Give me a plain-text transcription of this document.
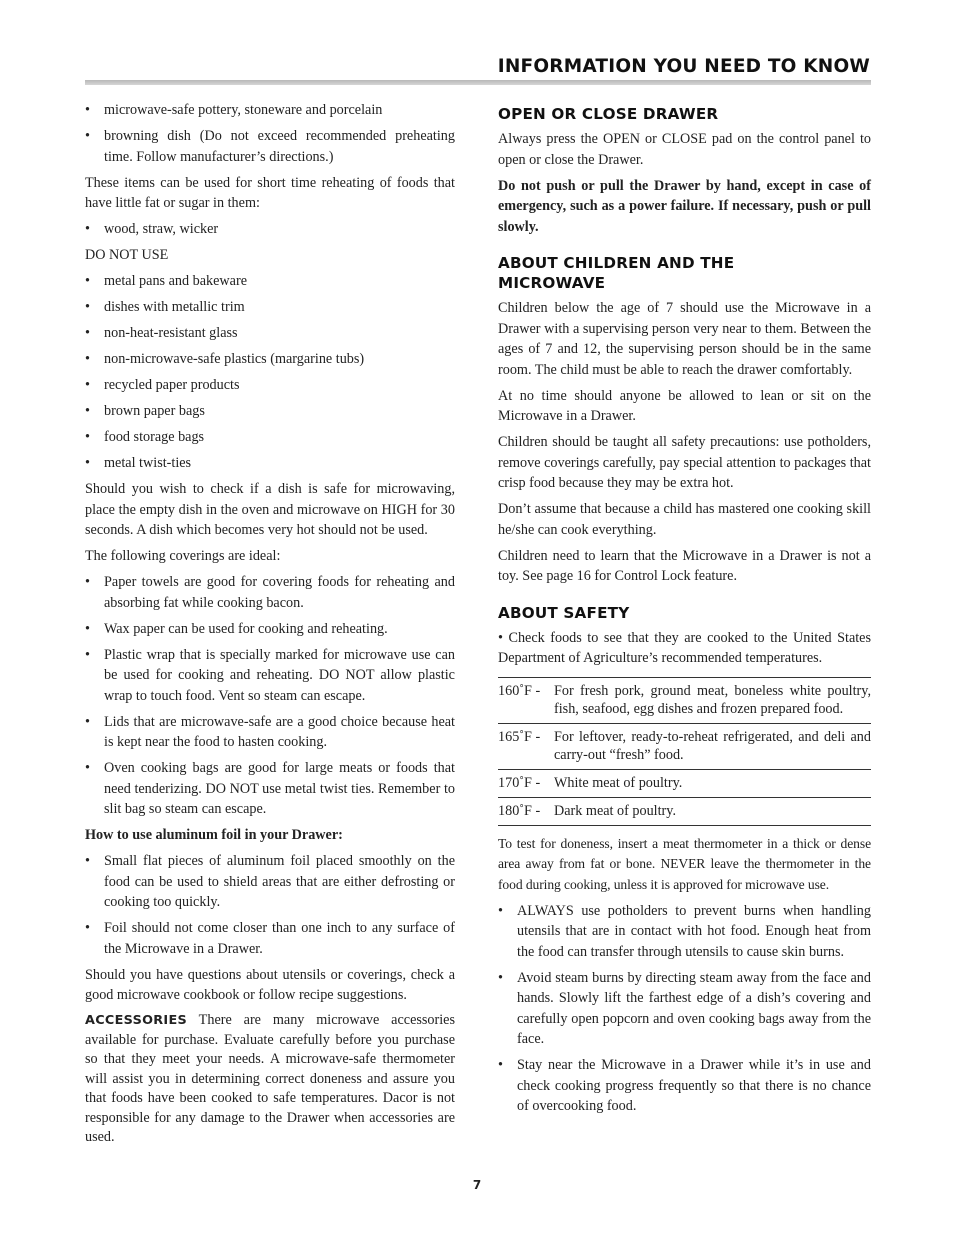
INFORMATION YOU NEED TO KNOW
• microwave-safe pottery, stoneware and porcelain
• browning dish (Do not exceed recommended preheating time. Follow manufacturer’s directions.)

These items can be used for short time reheating of foods that have little fat or sugar in them:

• wood, straw, wicker

DO NOT USE

• metal pans and bakeware
• dishes with metallic trim
• non-heat-resistant glass
• non-microwave-safe plastics (margarine tubs)
• recycled paper products
• brown paper bags
• food storage bags
• metal twist-ties

Should you wish to check if a dish is safe for microwaving, place the empty dish in the oven and microwave on HIGH for 30 seconds. A dish which becomes very hot should not be used.

The following coverings are ideal:

• Paper towels are good for covering foods for reheating and absorbing fat while cooking bacon.
• Wax paper can be used for cooking and reheating.
• Plastic wrap that is specially marked for microwave use can be used for cooking and reheating. DO NOT allow plastic wrap to touch food. Vent so steam can escape.
• Lids that are microwave-safe are a good choice because heat is kept near the food to hasten cooking.
• Oven cooking bags are good for large meats or foods that need tenderizing. DO NOT use metal twist ties. Remember to slit bag so steam can escape.

How to use aluminum foil in your Drawer:

• Small flat pieces of aluminum foil placed smoothly on the food can be used to shield areas that are either defrosting or cooking too quickly.
• Foil should not come closer than one inch to any surface of the Microwave in a Drawer.

Should you have questions about utensils or coverings, check a good microwave cookbook or follow recipe suggestions.

ACCESSORIES There are many microwave accessories available for purchase. Evaluate carefully before you purchase so that they meet your needs. A microwave-safe thermometer will assist you in determining correct doneness and assure you that foods have been cooked to safe temperatures. Dacor is not responsible for any damage to the Drawer when accessories are used.

OPEN OR CLOSE DRAWER

Always press the OPEN or CLOSE pad on the control panel to open or close the Drawer.

Do not push or pull the Drawer by hand, except in case of emergency, such as a power failure. If necessary, push or pull slowly.

ABOUT CHILDREN AND THE
MICROWAVE

Children below the age of 7 should use the Microwave in a Drawer with a supervising person very near to them. Between the ages of 7 and 12, the supervising person should be in the same room. The child must be able to reach the drawer comfortably.

At no time should anyone be allowed to lean or sit on the Microwave in a Drawer.

Children should be taught all safety precautions: use potholders, remove coverings carefully, pay special attention to packages that crisp food because they may be extra hot.

Don’t assume that because a child has mastered one cooking skill he/she can cook everything.

Children need to learn that the Microwave in a Drawer is not a toy. See page 16 for Control Lock feature.

ABOUT SAFETY

• Check foods to see that they are cooked to the United States Department of Agriculture’s recommended temperatures.

160˚F -	For fresh pork, ground meat, boneless white poultry, fish, seafood, egg dishes and frozen prepared food.
165˚F -	For leftover, ready-to-reheat refrigerated, and deli and carry-out “fresh” food.
170˚F -	White meat of poultry.
180˚F -	Dark meat of poultry.

To test for doneness, insert a meat thermometer in a thick or dense area away from fat or bone. NEVER leave the thermometer in the food during cooking, unless it is approved for microwave use.

• ALWAYS use potholders to prevent burns when handling utensils that are in contact with hot food. Enough heat from the food can transfer through utensils to cause skin burns.
• Avoid steam burns by directing steam away from the face and hands. Slowly lift the farthest edge of a dish’s covering and carefully open popcorn and oven cooking bags away from the face.
• Stay near the Microwave in a Drawer while it’s in use and check cooking progress frequently so that there is no chance of overcooking food.
7
